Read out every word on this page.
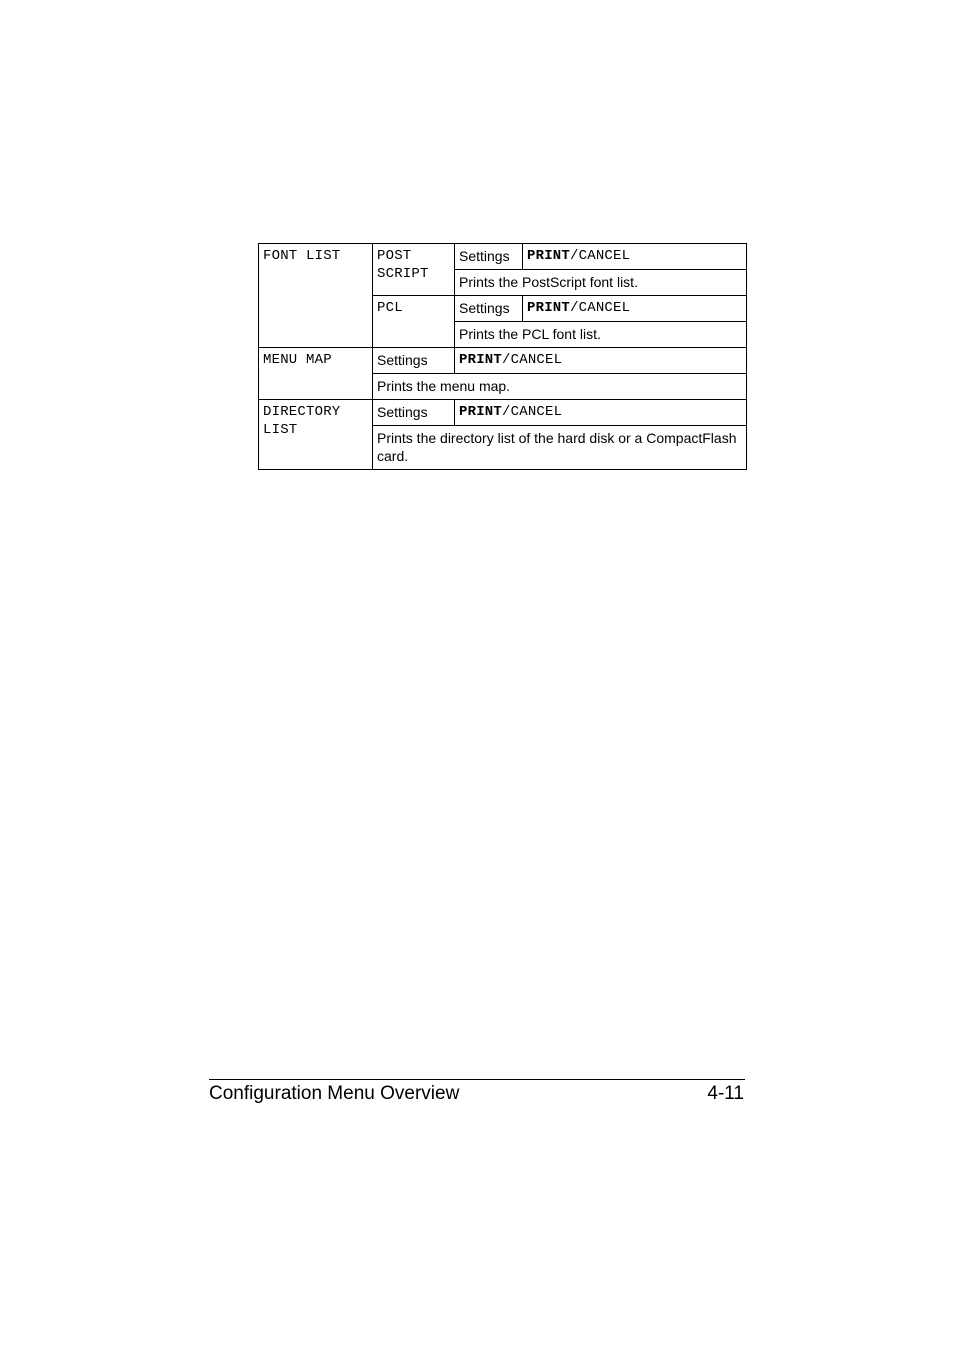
FONT LIST	POST SCRIPT	Settings	PRINT/CANCEL
		Prints the PostScript font list.	
	PCL	Settings	PRINT/CANCEL
		Prints the PCL font list.	
MENU MAP	Settings	PRINT/CANCEL	
	Prints the menu map.		
DIRECTORY LIST	Settings	PRINT/CANCEL	
	Prints the directory list of the hard disk or a CompactFlash card.		
Configuration Menu Overview	4-11
